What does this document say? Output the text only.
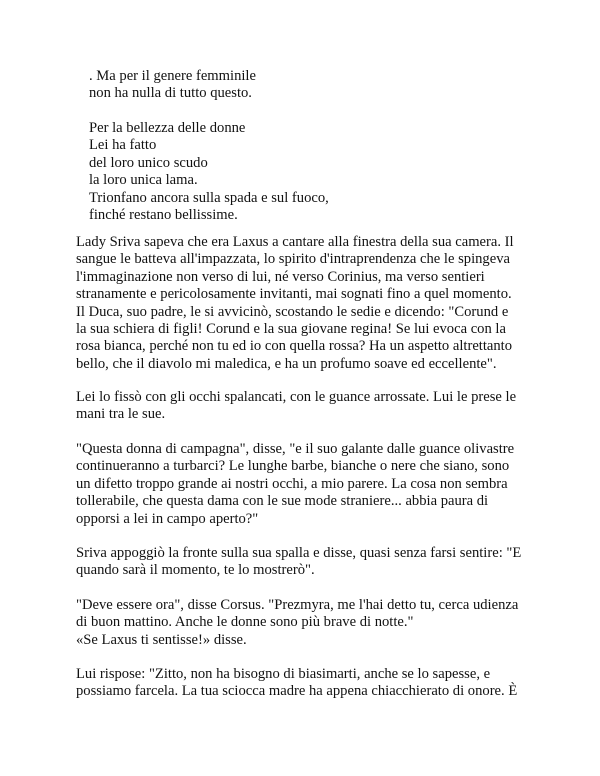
. Ma per il genere femminile
non ha nulla di tutto questo.
Per la bellezza delle donne
Lei ha fatto
del loro unico scudo
la loro unica lama.
Trionfano ancora sulla spada e sul fuoco,
finché restano bellissime.
Lady Sriva sapeva che era Laxus a cantare alla finestra della sua camera. Il
sangue le batteva all'impazzata, lo spirito d'intraprendenza che le spingeva
l'immaginazione non verso di lui, né verso Corinius, ma verso sentieri
stranamente e pericolosamente invitanti, mai sognati fino a quel momento.
Il Duca, suo padre, le si avvicinò, scostando le sedie e dicendo: "Corund e
la sua schiera di figli! Corund e la sua giovane regina! Se lui evoca con la
rosa bianca, perché non tu ed io con quella rossa? Ha un aspetto altrettanto
bello, che il diavolo mi maledica, e ha un profumo soave ed eccellente".
Lei lo fissò con gli occhi spalancati, con le guance arrossate. Lui le prese le
mani tra le sue.
"Questa donna di campagna", disse, "e il suo galante dalle guance olivastre
continueranno a turbarci? Le lunghe barbe, bianche o nere che siano, sono
un difetto troppo grande ai nostri occhi, a mio parere. La cosa non sembra
tollerabile, che questa dama con le sue mode straniere... abbia paura di
opporsi a lei in campo aperto?"
Sriva appoggiò la fronte sulla sua spalla e disse, quasi senza farsi sentire: "E
quando sarà il momento, te lo mostrerò".
"Deve essere ora", disse Corsus. "Prezmyra, me l'hai detto tu, cerca udienza
di buon mattino. Anche le donne sono più brave di notte."
«Se Laxus ti sentisse!» disse.
Lui rispose: "Zitto, non ha bisogno di biasimarti, anche se lo sapesse, e
possiamo farcela. La tua sciocca madre ha appena chiacchierato di onore. È
